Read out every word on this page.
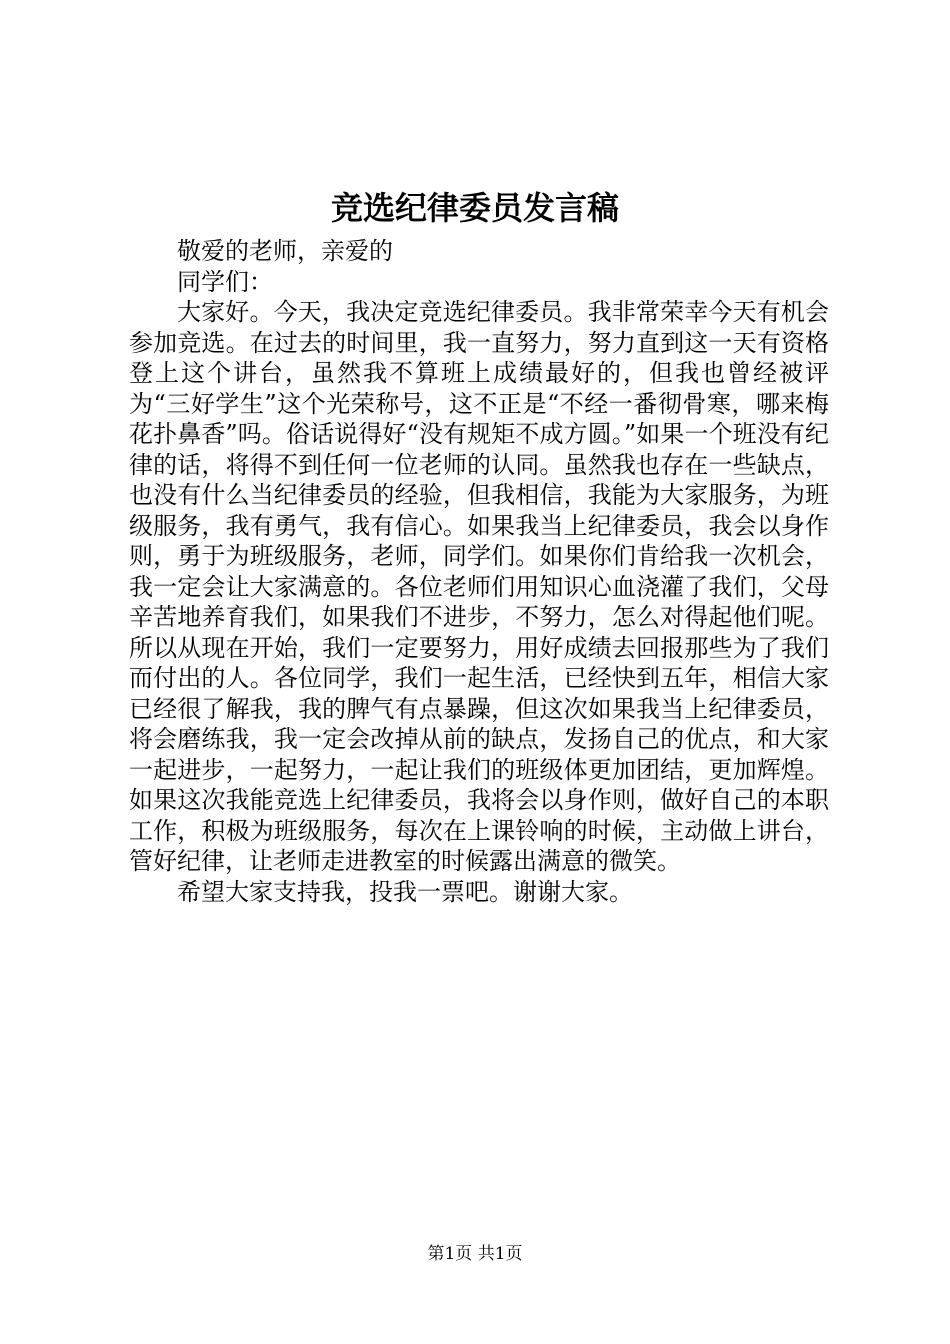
竞选纪律委员发言稿

敬爱的老师，亲爱的

同学们：

大家好。今天，我决定竞选纪律委员。我非常荣幸今天有机会参加竞选。在过去的时间里，我一直努力，努力直到这一天有资格登上这个讲台，虽然我不算班上成绩最好的，但我也曾经被评为“三好学生”这个光荣称号，这不正是“不经一番彻骨寒，哪来梅花扑鼻香”吗。俗话说得好“没有规矩不成方圆。”如果一个班没有纪律的话，将得不到任何一位老师的认同。虽然我也存在一些缺点，也没有什么当纪律委员的经验，但我相信，我能为大家服务，为班级服务，我有勇气，我有信心。如果我当上纪律委员，我会以身作则，勇于为班级服务，老师，同学们。如果你们肯给我一次机会，我一定会让大家满意的。各位老师们用知识心血浇灌了我们，父母辛苦地养育我们，如果我们不进步，不努力，怎么对得起他们呢。所以从现在开始，我们一定要努力，用好成绩去回报那些为了我们而付出的人。各位同学，我们一起生活，已经快到五年，相信大家已经很了解我，我的脾气有点暴躁，但这次如果我当上纪律委员，将会磨练我，我一定会改掉从前的缺点，发扬自己的优点，和大家一起进步，一起努力，一起让我们的班级体更加团结，更加辉煌。如果这次我能竞选上纪律委员，我将会以身作则，做好自己的本职工作，积极为班级服务，每次在上课铃响的时候，主动做上讲台，管好纪律，让老师走进教室的时候露出满意的微笑。

希望大家支持我，投我一票吧。谢谢大家。

第1页 共1页
